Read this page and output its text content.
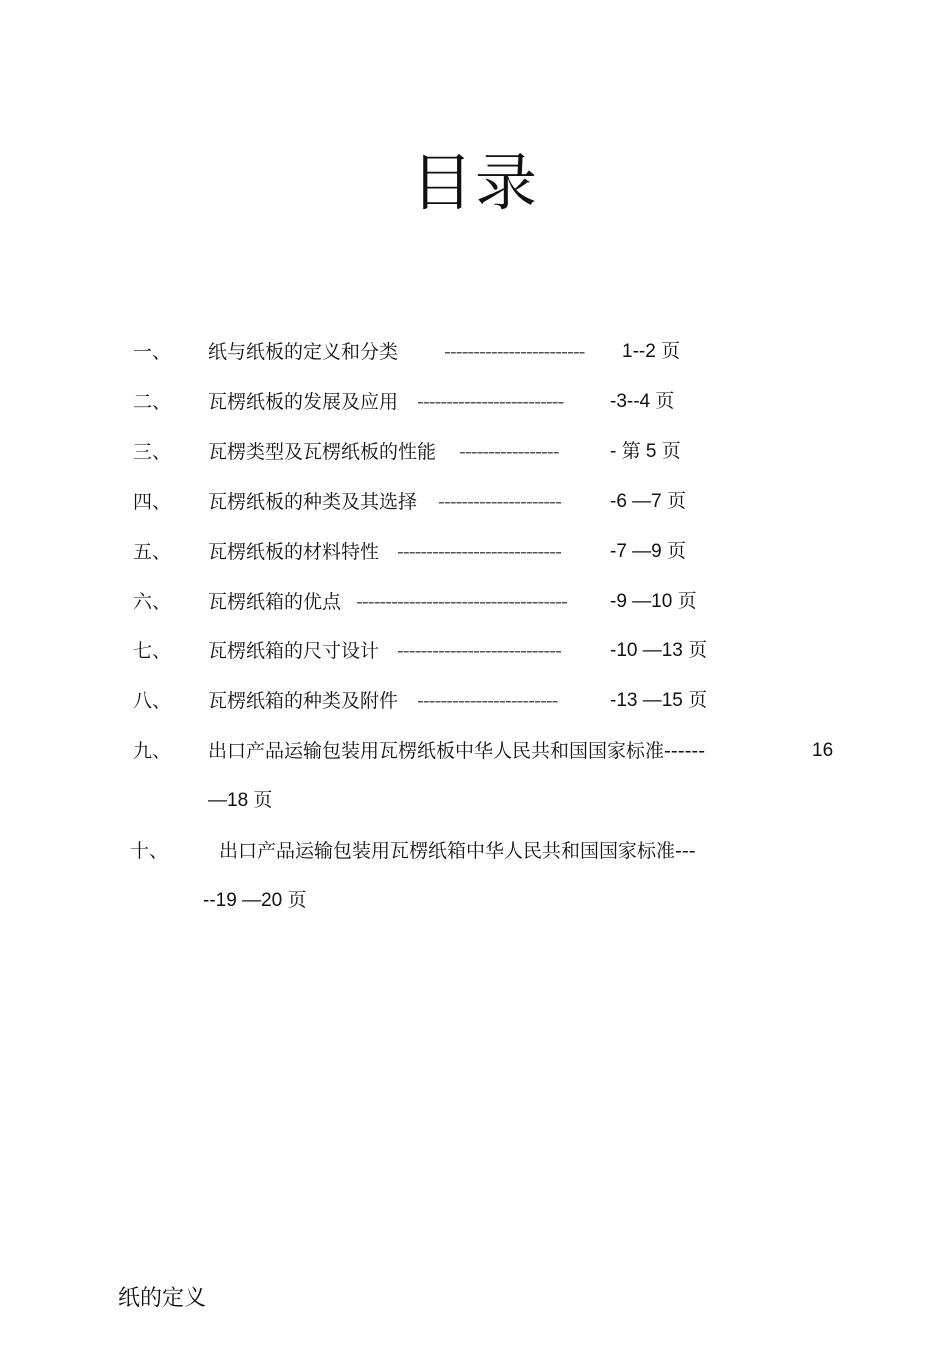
目录
一、 纸与纸板的定义和分类 ------------------------ 1--2 页
二、 瓦楞纸板的发展及应用 ------------------------- -3--4 页
三、 瓦楞类型及瓦楞纸板的性能 -----------------	- 第 5 页
四、 瓦楞纸板的种类及其选择 ---------------------	-6 —7 页
五、 瓦楞纸板的材料特性 ----------------------------	-7 —9 页
六、 瓦楞纸箱的优点 ------------------------------------ -9 —10 页
七、 瓦楞纸箱的尺寸设计 ----------------------------	-10 —13 页
八、 瓦楞纸箱的种类及附件 ------------------------	-13 —15 页
九、 出口产品运输包装用瓦楞纸板中华人民共和国国家标准------	16
—18 页
十、	出口产品运输包装用瓦楞纸箱中华人民共和国国家标准---
--19 —20 页
纸的定义
